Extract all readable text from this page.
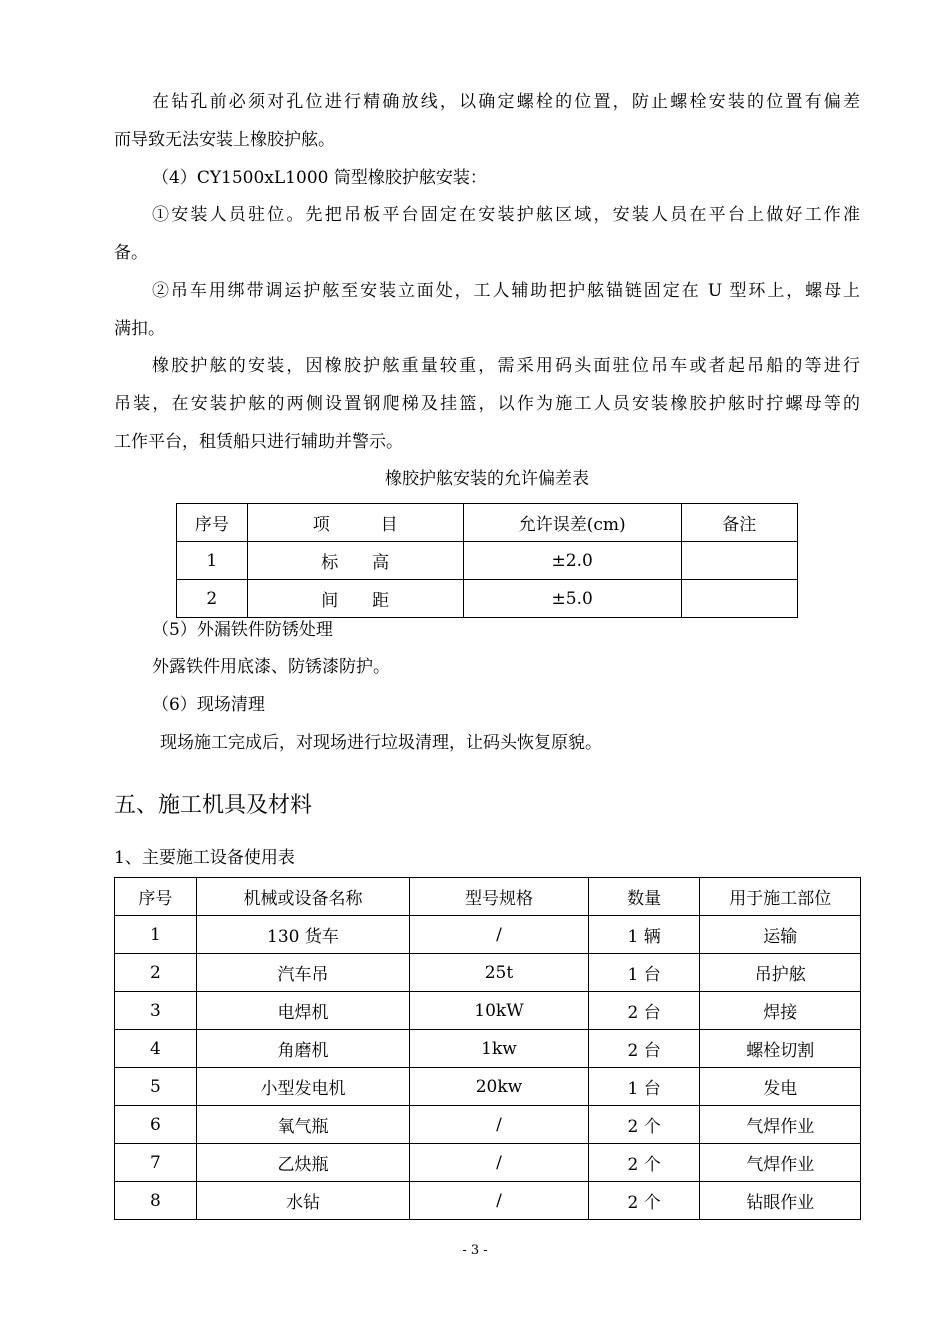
在钻孔前必须对孔位进行精确放线，以确定螺栓的位置，防止螺栓安装的位置有偏差
而导致无法安装上橡胶护舷。
（4）CY1500xL1000 筒型橡胶护舷安装：
①安装人员驻位。先把吊板平台固定在安装护舷区域，安装人员在平台上做好工作准
备。
②吊车用绑带调运护舷至安装立面处，工人辅助把护舷锚链固定在 U 型环上，螺母上
满扣。
橡胶护舷的安装，因橡胶护舷重量较重，需采用码头面驻位吊车或者起吊船的等进行
吊装，在安装护舷的两侧设置钢爬梯及挂篮，以作为施工人员安装橡胶护舷时拧螺母等的
工作平台，租赁船只进行辅助并警示。
橡胶护舷安装的允许偏差表
序号	项　　　目	允许误差(cm)	备注
1	标　　高	±2.0	
2	间　　距	±5.0	
（5）外漏铁件防锈处理
外露铁件用底漆、防锈漆防护。
（6）现场清理
现场施工完成后，对现场进行垃圾清理，让码头恢复原貌。
五、施工机具及材料
1、主要施工设备使用表
序号	机械或设备名称	型号规格	数量	用于施工部位
1	130 货车	/	1 辆	运输
2	汽车吊	25t	1 台	吊护舷
3	电焊机	10kW	2 台	焊接
4	角磨机	1kw	2 台	螺栓切割
5	小型发电机	20kw	1 台	发电
6	氧气瓶	/	2 个	气焊作业
7	乙炔瓶	/	2 个	气焊作业
8	水钻	/	2 个	钻眼作业
- 3 -
